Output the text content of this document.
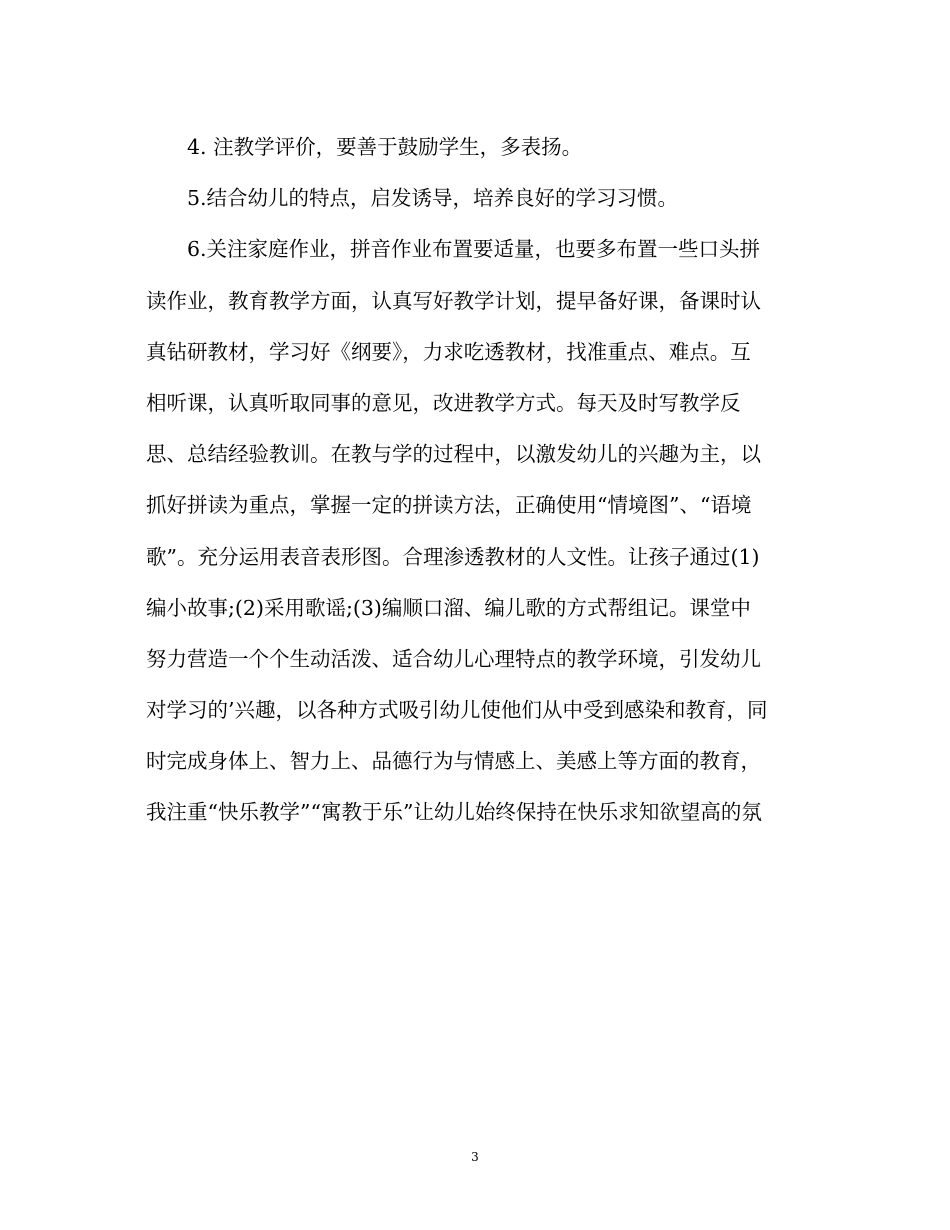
4. 注教学评价，要善于鼓励学生，多表扬。
5.结合幼儿的特点，启发诱导，培养良好的学习习惯。
6.关注家庭作业，拼音作业布置要适量，也要多布置一些口头拼
读作业，教育教学方面，认真写好教学计划，提早备好课，备课时认
真钻研教材，学习好《纲要》，力求吃透教材，找准重点、难点。互
相听课，认真听取同事的意见，改进教学方式。每天及时写教学反
思、总结经验教训。在教与学的过程中，以激发幼儿的兴趣为主，以
抓好拼读为重点，掌握一定的拼读方法，正确使用“情境图”、“语境
歌”。充分运用表音表形图。合理渗透教材的人文性。让孩子通过(1)
编小故事;(2)采用歌谣;(3)编顺口溜、编儿歌的方式帮组记。课堂中
努力营造一个个生动活泼、适合幼儿心理特点的教学环境，引发幼儿
对学习的’兴趣，以各种方式吸引幼儿使他们从中受到感染和教育，同
时完成身体上、智力上、品德行为与情感上、美感上等方面的教育，
我注重“快乐教学”“寓教于乐”让幼儿始终保持在快乐求知欲望高的氛
3
